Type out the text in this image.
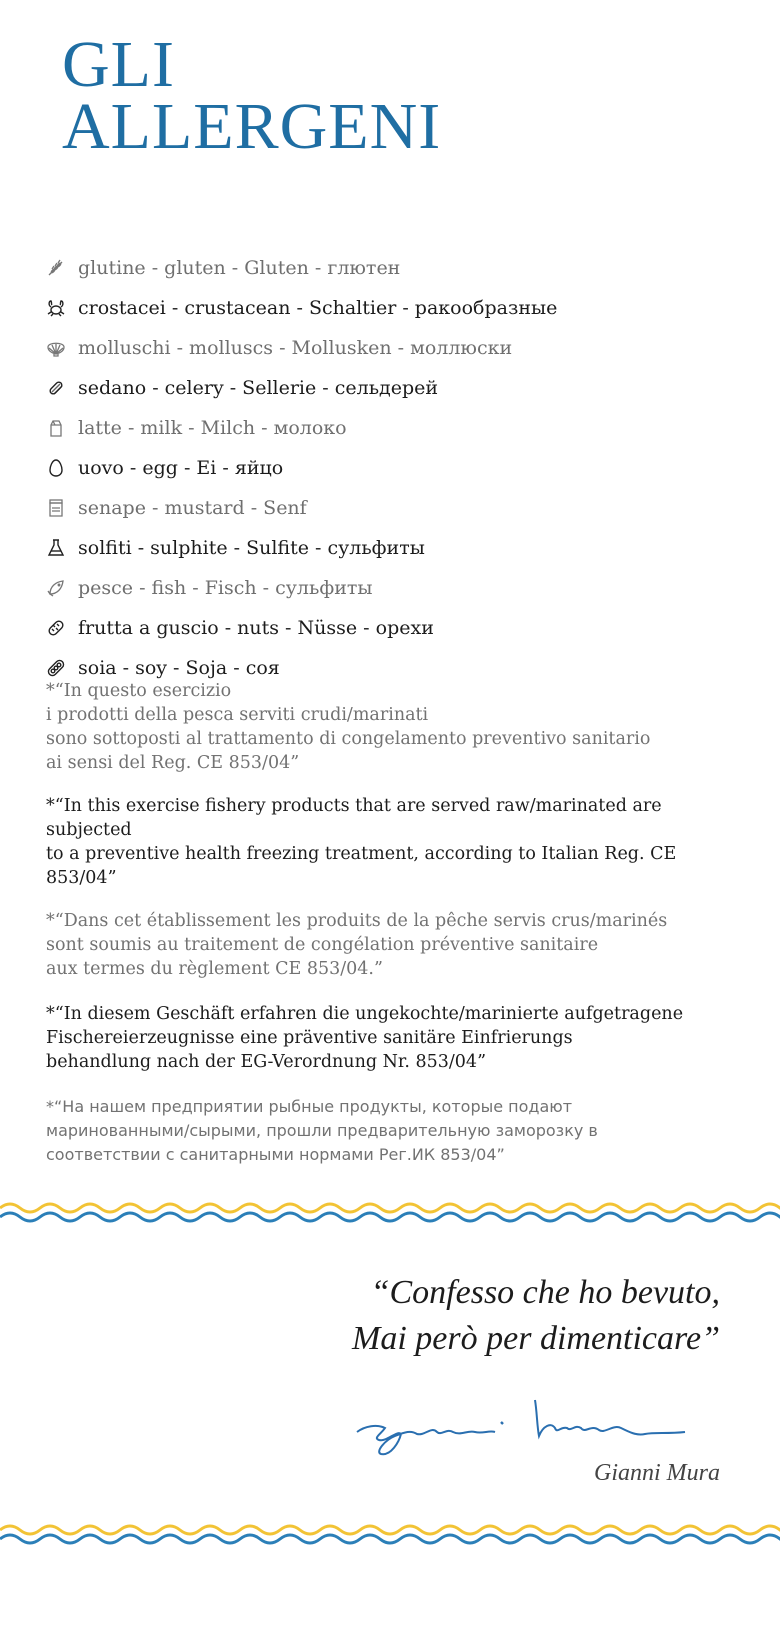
GLI
ALLERGENI
glutine - gluten - Gluten - глютен
crostacei - crustacean - Schaltier - ракообразные
molluschi - molluscs - Mollusken - моллюски
sedano - celery - Sellerie - сельдерей
latte - milk - Milch - молоко
uovo - egg - Ei - яйцо
senape - mustard - Senf
solfiti - sulphite - Sulfite - сульфиты
pesce - fish - Fisch - сульфиты
frutta a guscio - nuts - Nüsse - орехи
soia - soy - Soja - соя

*“In questo esercizio
i prodotti della pesca serviti crudi/marinati
sono sottoposti al trattamento di congelamento preventivo sanitario
ai sensi del Reg. CE 853/04”

*“In this exercise fishery products that are served raw/marinated are
subjected
to a preventive health freezing treatment, according to Italian Reg. CE
853/04”

*“Dans cet établissement les produits de la pêche servis crus/marinés
sont soumis au traitement de congélation préventive sanitaire
aux termes du règlement CE 853/04.”

*“In diesem Geschäft erfahren die ungekochte/marinierte aufgetragene
Fischereierzeugnisse eine präventive sanitäre Einfrierungs
behandlung nach der EG-Verordnung Nr. 853/04”

*“На нашем предприятии рыбные продукты, которые подают
маринованными/сырыми, прошли предварительную заморозку в
соответствии с санитарными нормами Рег.ИК 853/04”

“Confesso che ho bevuto,
Mai però per dimenticare”

Gianni Mura
